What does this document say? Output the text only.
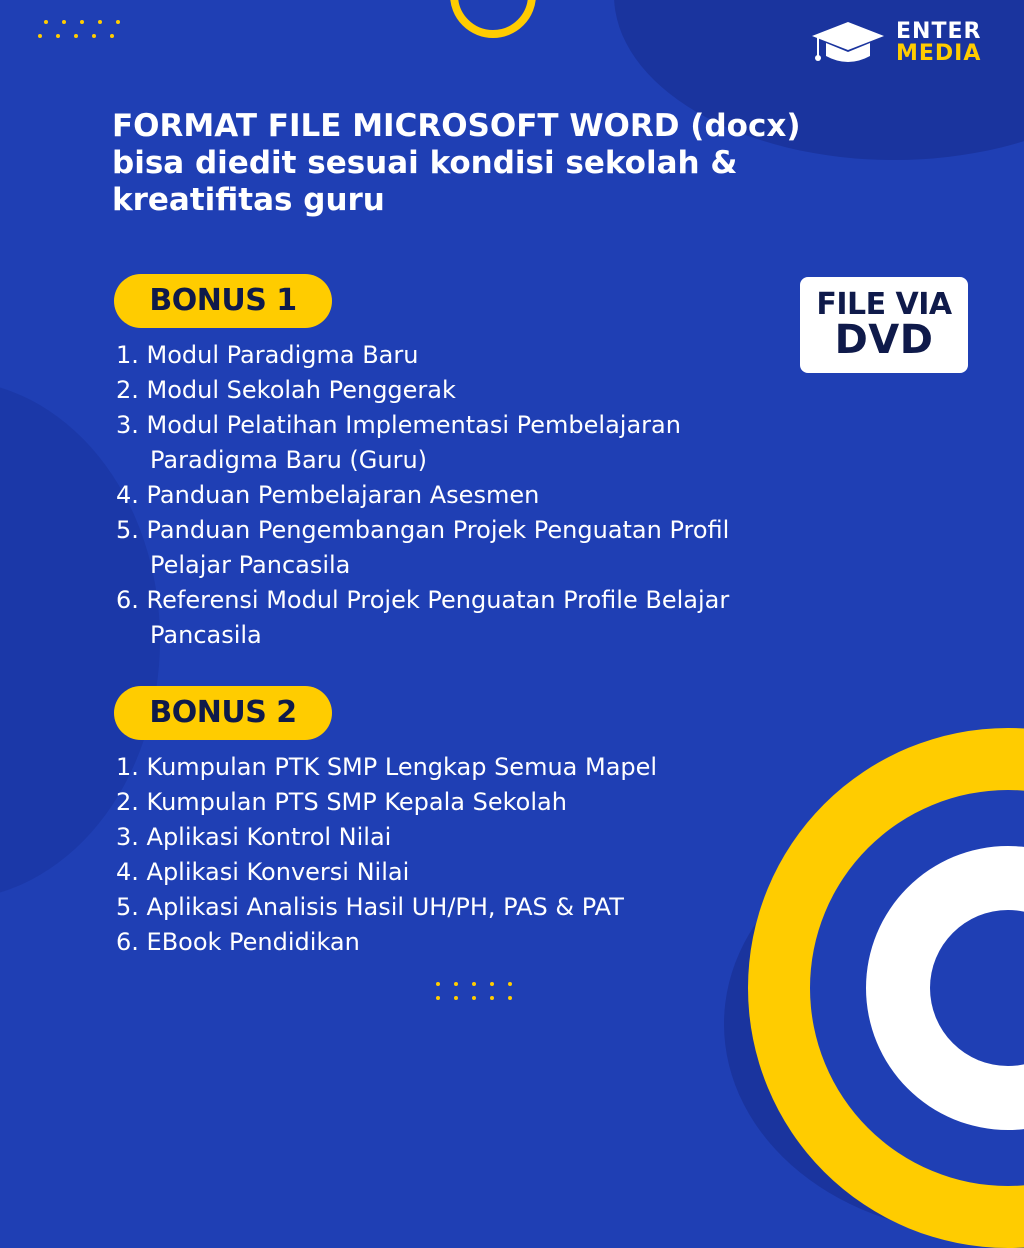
ENTER
MEDIA
FORMAT FILE MICROSOFT WORD (docx)
bisa diedit sesuai kondisi sekolah &
kreatifitas guru
FILE VIA
DVD
BONUS 1
1. Modul Paradigma Baru
2. Modul Sekolah Penggerak
3. Modul Pelatihan Implementasi Pembelajaran
Paradigma Baru (Guru)
4. Panduan Pembelajaran Asesmen
5. Panduan Pengembangan Projek Penguatan Profil
Pelajar Pancasila
6. Referensi Modul Projek Penguatan Profile Belajar
Pancasila
BONUS 2
1. Kumpulan PTK SMP Lengkap Semua Mapel
2. Kumpulan PTS SMP Kepala Sekolah
3. Aplikasi Kontrol Nilai
4. Aplikasi Konversi Nilai
5. Aplikasi Analisis Hasil UH/PH, PAS & PAT
6. EBook Pendidikan
